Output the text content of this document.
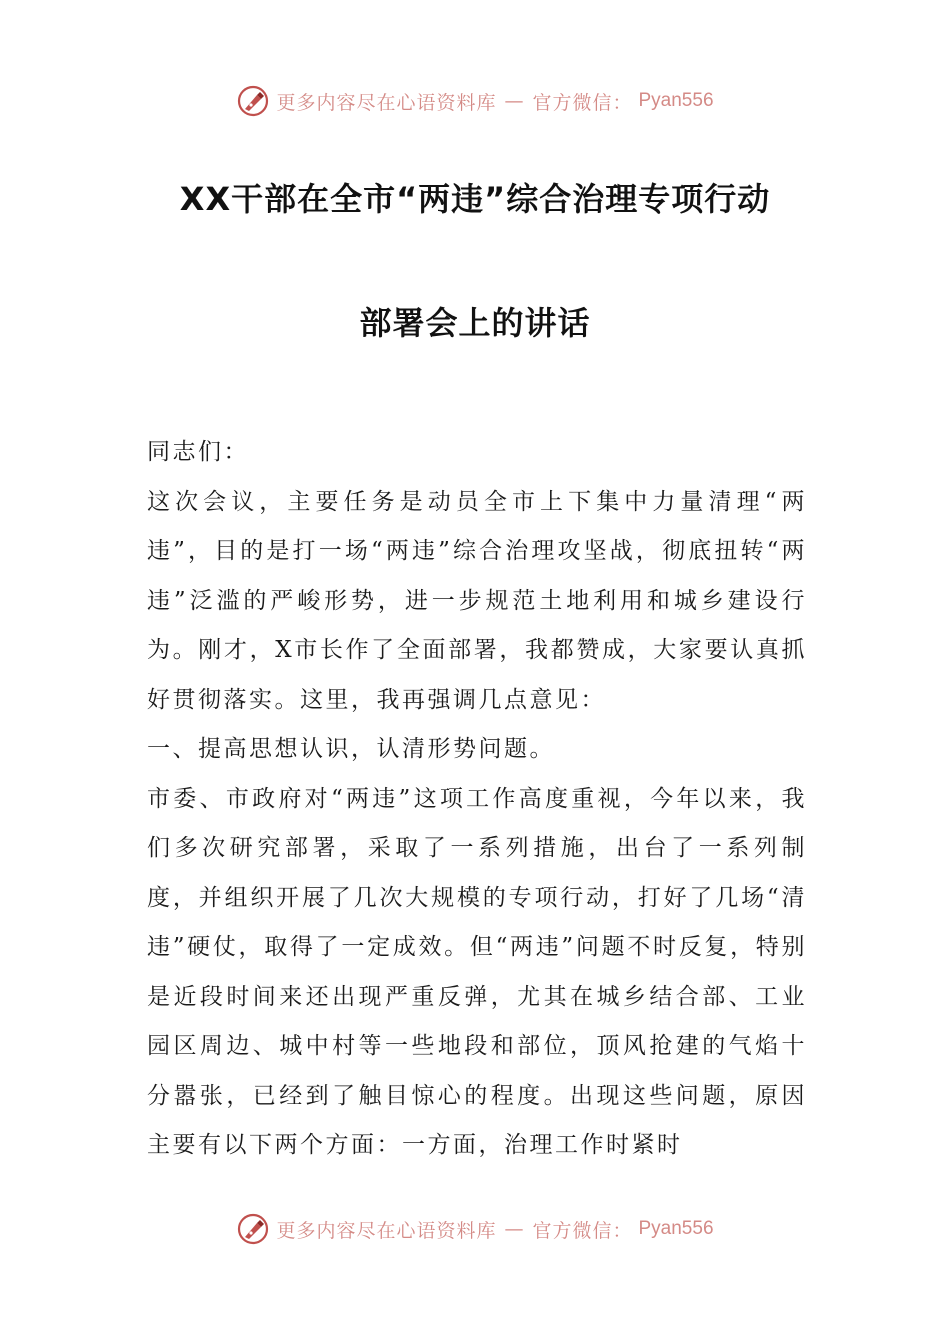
更多内容尽在心语资料库 — 官方微信： Pyan556
XX干部在全市“两违”综合治理专项行动
部署会上的讲话

同志们：

这次会议，主要任务是动员全市上下集中力量清理“两违”，目的是打一场“两违”综合治理攻坚战，彻底扭转“两违”泛滥的严峻形势，进一步规范土地利用和城乡建设行为。刚才，X市长作了全面部署，我都赞成，大家要认真抓好贯彻落实。这里，我再强调几点意见：

一、提高思想认识，认清形势问题。

市委、市政府对“两违”这项工作高度重视，今年以来，我们多次研究部署，采取了一系列措施，出台了一系列制度，并组织开展了几次大规模的专项行动，打好了几场“清违”硬仗，取得了一定成效。但“两违”问题不时反复，特别是近段时间来还出现严重反弹，尤其在城乡结合部、工业园区周边、城中村等一些地段和部位，顶风抢建的气焰十分嚣张，已经到了触目惊心的程度。出现这些问题，原因主要有以下两个方面：一方面，治理工作时紧时

更多内容尽在心语资料库 — 官方微信： Pyan556
